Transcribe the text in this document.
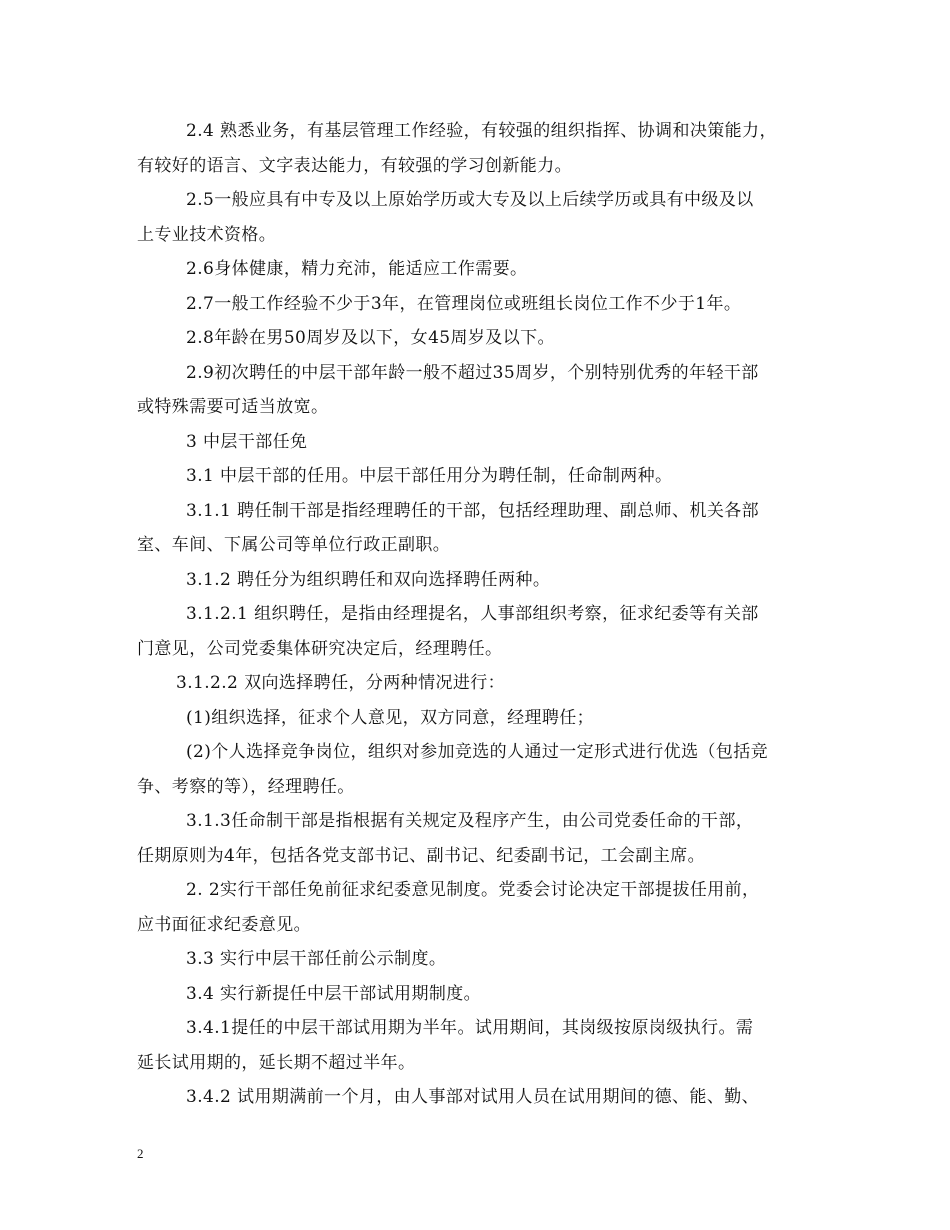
2.4 熟悉业务，有基层管理工作经验，有较强的组织指挥、协调和决策能力，
有较好的语言、文字表达能力，有较强的学习创新能力。
2.5一般应具有中专及以上原始学历或大专及以上后续学历或具有中级及以
上专业技术资格。
2.6身体健康，精力充沛，能适应工作需要。
2.7一般工作经验不少于3年，在管理岗位或班组长岗位工作不少于1年。
2.8年龄在男50周岁及以下，女45周岁及以下。
2.9初次聘任的中层干部年龄一般不超过35周岁，个别特别优秀的年轻干部
或特殊需要可适当放宽。
3 中层干部任免
3.1 中层干部的任用。中层干部任用分为聘任制，任命制两种。
3.1.1 聘任制干部是指经理聘任的干部，包括经理助理、副总师、机关各部
室、车间、下属公司等单位行政正副职。
3.1.2 聘任分为组织聘任和双向选择聘任两种。
3.1.2.1 组织聘任，是指由经理提名，人事部组织考察，征求纪委等有关部
门意见，公司党委集体研究决定后，经理聘任。
3.1.2.2 双向选择聘任，分两种情况进行：
(1)组织选择，征求个人意见，双方同意，经理聘任；
(2)个人选择竞争岗位，组织对参加竞选的人通过一定形式进行优选（包括竞
争、考察的等），经理聘任。
3.1.3任命制干部是指根据有关规定及程序产生，由公司党委任命的干部，
任期原则为4年，包括各党支部书记、副书记、纪委副书记，工会副主席。
2. 2实行干部任免前征求纪委意见制度。党委会讨论决定干部提拔任用前，
应书面征求纪委意见。
3.3 实行中层干部任前公示制度。
3.4 实行新提任中层干部试用期制度。
3.4.1提任的中层干部试用期为半年。试用期间，其岗级按原岗级执行。需
延长试用期的，延长期不超过半年。
3.4.2 试用期满前一个月，由人事部对试用人员在试用期间的德、能、勤、
2
